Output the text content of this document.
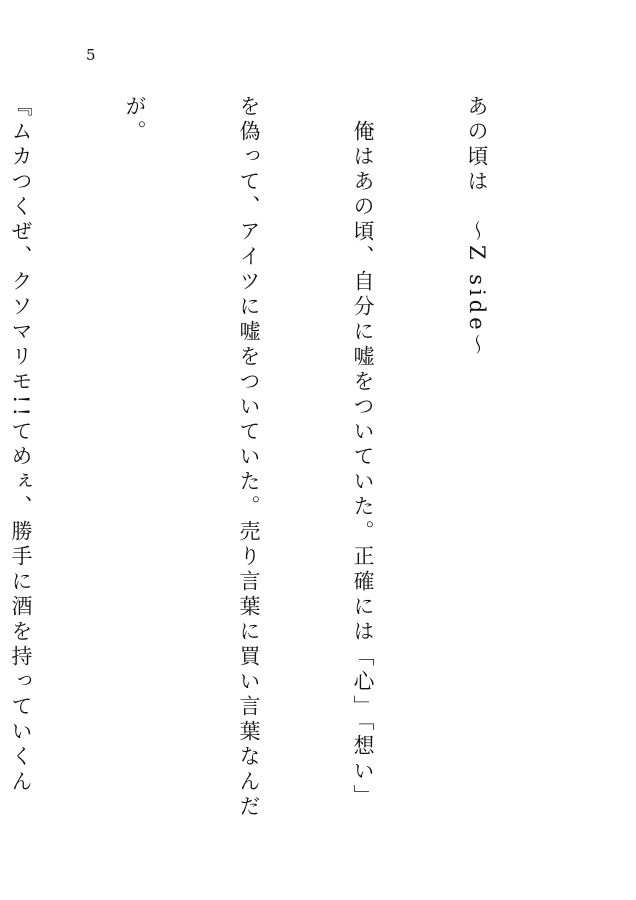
5

あの頃は　～Z side～

　俺はあの頃、自分に嘘をついていた。正確には「心」「想い」

を偽って、アイツに嘘をついていた。売り言葉に買い言葉なんだ

が。

『ムカつくぜ、クソマリモ!!てめぇ、勝手に酒を持っていくん
